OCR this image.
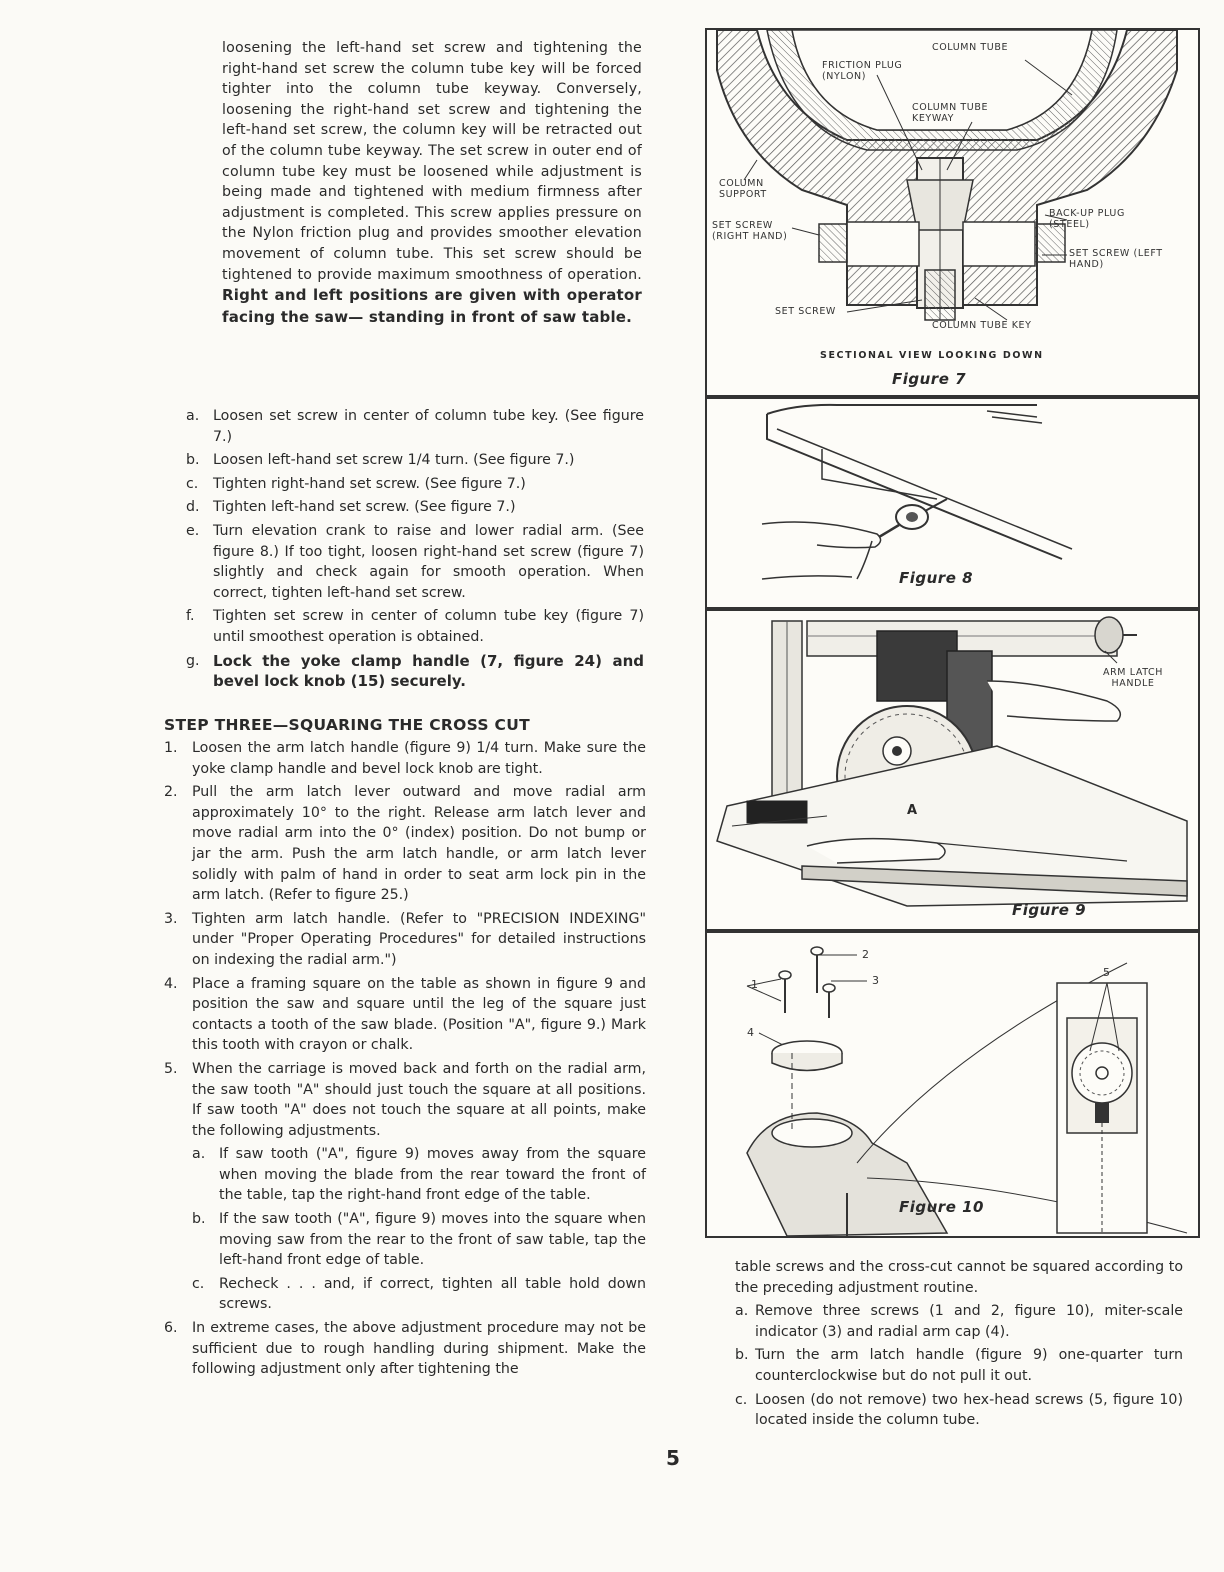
loosening the left-hand set screw and tightening the right-hand set screw the column tube key will be forced tighter into the column tube keyway. Conversely, loosening the right-hand set screw and tightening the left-hand set screw, the column key will be retracted out of the column tube keyway. The set screw in outer end of column tube key must be loosened while adjustment is being made and tightened with medium firmness after adjustment is completed. This screw applies pressure on the Nylon friction plug and provides smoother elevation movement of column tube. This set screw should be tightened to provide maximum smoothness of operation. Right and left positions are given with operator facing the saw— standing in front of saw table.
a. Loosen set screw in center of column tube key. (See figure 7.)
b. Loosen left-hand set screw 1/4 turn. (See figure 7.)
c.	Tighten right-hand set screw. (See figure 7.)
d. Tighten left-hand set screw. (See figure 7.)
e. Turn elevation crank to raise and lower radial arm. (See figure 8.) If too tight, loosen right-hand set screw (figure 7) slightly and check again for smooth operation. When correct, tighten left-hand set screw.
f.	Tighten set screw in center of column tube key (figure 7) until smoothest operation is obtained.
g. Lock the yoke clamp handle (7, figure 24) and bevel lock knob (15) securely.
STEP THREE—SQUARING THE CROSS CUT
1.	Loosen the arm latch handle (figure 9) 1/4 turn. Make sure the yoke clamp handle and bevel lock knob are tight.
2.	Pull the arm latch lever outward and move radial arm approximately 10° to the right. Release arm latch lever and move radial arm into the 0° (index) position. Do not bump or jar the arm. Push the arm latch handle, or arm latch lever solidly with palm of hand in order to seat arm lock pin in the arm latch. (Refer to figure 25.)
3.	Tighten arm latch handle. (Refer to "PRECISION INDEXING" under "Proper Operating Procedures" for detailed instructions on indexing the radial arm.")
4.	Place a framing square on the table as shown in figure 9 and position the saw and square until the leg of the square just contacts a tooth of the saw blade. (Position "A", figure 9.) Mark this tooth with crayon or chalk.
5.	When the carriage is moved back and forth on the radial arm, the saw tooth "A" should just touch the square at all positions. If saw tooth "A" does not touch the square at all points, make the following adjustments.
a. If saw tooth ("A", figure 9) moves away from the square when moving the blade from the rear toward the front of the table, tap the right-hand front edge of the table.
b. If the saw tooth ("A", figure 9) moves into the square when moving saw from the rear to the front of saw table, tap the left-hand front edge of table.
c.	Recheck . . . and, if correct, tighten all table hold down screws.
6.	In extreme cases, the above adjustment procedure may not be sufficient due to rough handling during shipment. Make the following adjustment only after tightening the
COLUMN TUBE
FRICTION PLUG (NYLON)
COLUMN TUBE KEYWAY
COLUMN SUPPORT
SET SCREW (RIGHT HAND)
BACK-UP PLUG (STEEL)
SET SCREW (LEFT HAND)
SET SCREW
COLUMN TUBE KEY
SECTIONAL VIEW LOOKING DOWN
Figure 7
Figure 8
ARM LATCH HANDLE
A
Figure 9
1
2
3
4
5
Figure 10
table screws and the cross-cut cannot be squared according to the preceding adjustment routine.
a. Remove three screws (1 and 2, figure 10), miter-scale indicator (3) and radial arm cap (4).
b. Turn the arm latch handle (figure 9) one-quarter turn counterclockwise but do not pull it out.
c. Loosen (do not remove) two hex-head screws (5, figure 10) located inside the column tube.
5
